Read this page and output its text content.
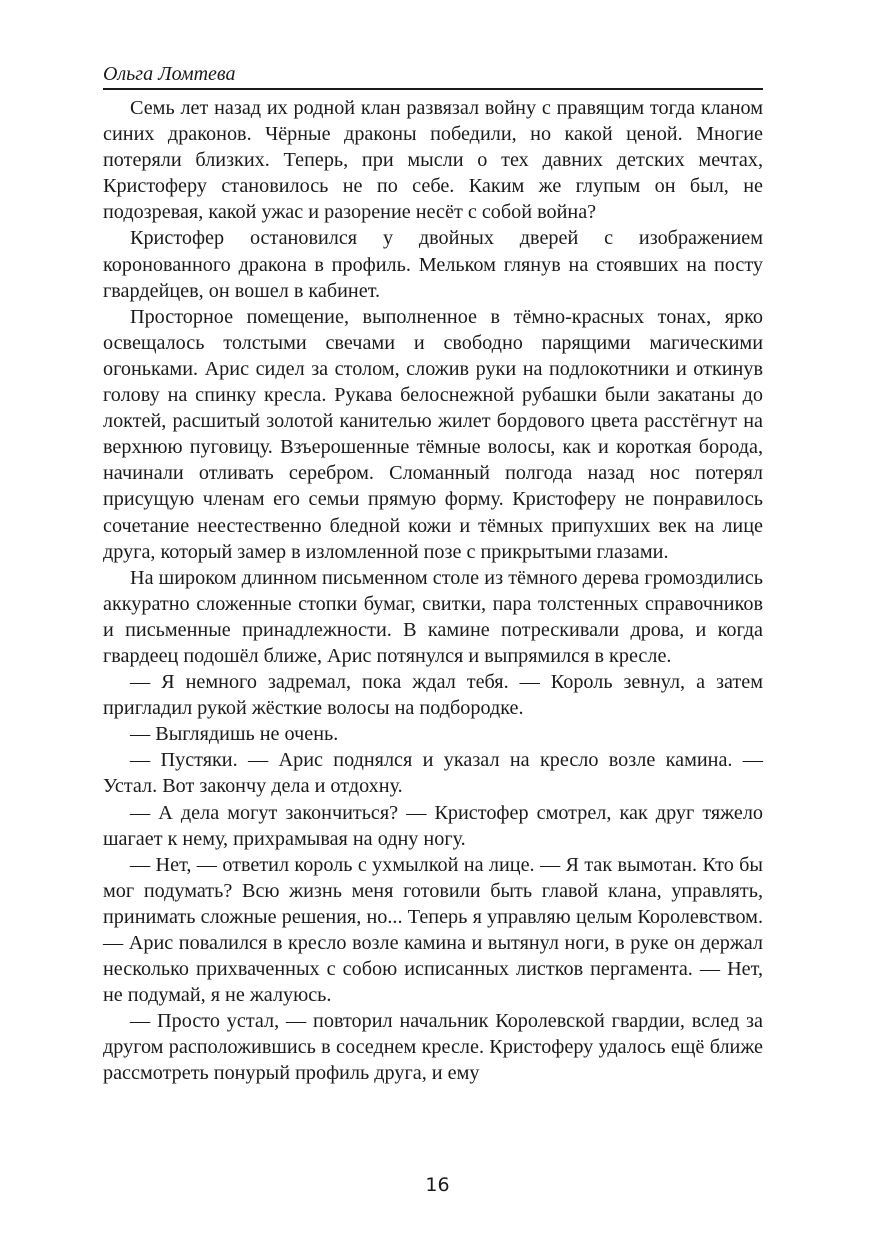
Ольга Ломтева

Семь лет назад их родной клан развязал войну с правящим тогда кланом синих драконов. Чёрные драконы победили, но какой ценой. Многие потеряли близких. Теперь, при мысли о тех давних детских мечтах, Кристоферу становилось не по себе. Каким же глупым он был, не подозревая, какой ужас и разорение несёт с собой война?

Кристофер остановился у двойных дверей с изображением коронованного дракона в профиль. Мельком глянув на стоявших на посту гвардейцев, он вошел в кабинет.

Просторное помещение, выполненное в тёмно-красных тонах, ярко освещалось толстыми свечами и свободно парящими магическими огоньками. Арис сидел за столом, сложив руки на подлокотники и откинув голову на спинку кресла. Рукава белоснежной рубашки были закатаны до локтей, расшитый золотой канителью жилет бордового цвета расстёгнут на верхнюю пуговицу. Взъерошенные тёмные волосы, как и короткая борода, начинали отливать серебром. Сломанный полгода назад нос потерял присущую членам его семьи прямую форму. Кристоферу не понравилось сочетание неестественно бледной кожи и тёмных припухших век на лице друга, который замер в изломленной позе с прикрытыми глазами.

На широком длинном письменном столе из тёмного дерева громоздились аккуратно сложенные стопки бумаг, свитки, пара толстенных справочников и письменные принадлежности. В камине потрескивали дрова, и когда гвардеец подошёл ближе, Арис потянулся и выпрямился в кресле.

— Я немного задремал, пока ждал тебя. — Король зевнул, а затем пригладил рукой жёсткие волосы на подбородке.

— Выглядишь не очень.

— Пустяки. — Арис поднялся и указал на кресло возле камина. — Устал. Вот закончу дела и отдохну.

— А дела могут закончиться? — Кристофер смотрел, как друг тяжело шагает к нему, прихрамывая на одну ногу.

— Нет, — ответил король с ухмылкой на лице. — Я так вымотан. Кто бы мог подумать? Всю жизнь меня готовили быть главой клана, управлять, принимать сложные решения, но... Теперь я управляю целым Королевством. — Арис повалился в кресло возле камина и вытянул ноги, в руке он держал несколько прихваченных с собою исписанных листков пергамента. — Нет, не подумай, я не жалуюсь.

— Просто устал, — повторил начальник Королевской гвардии, вслед за другом расположившись в соседнем кресле. Кристоферу удалось ещё ближе рассмотреть понурый профиль друга, и ему

16
